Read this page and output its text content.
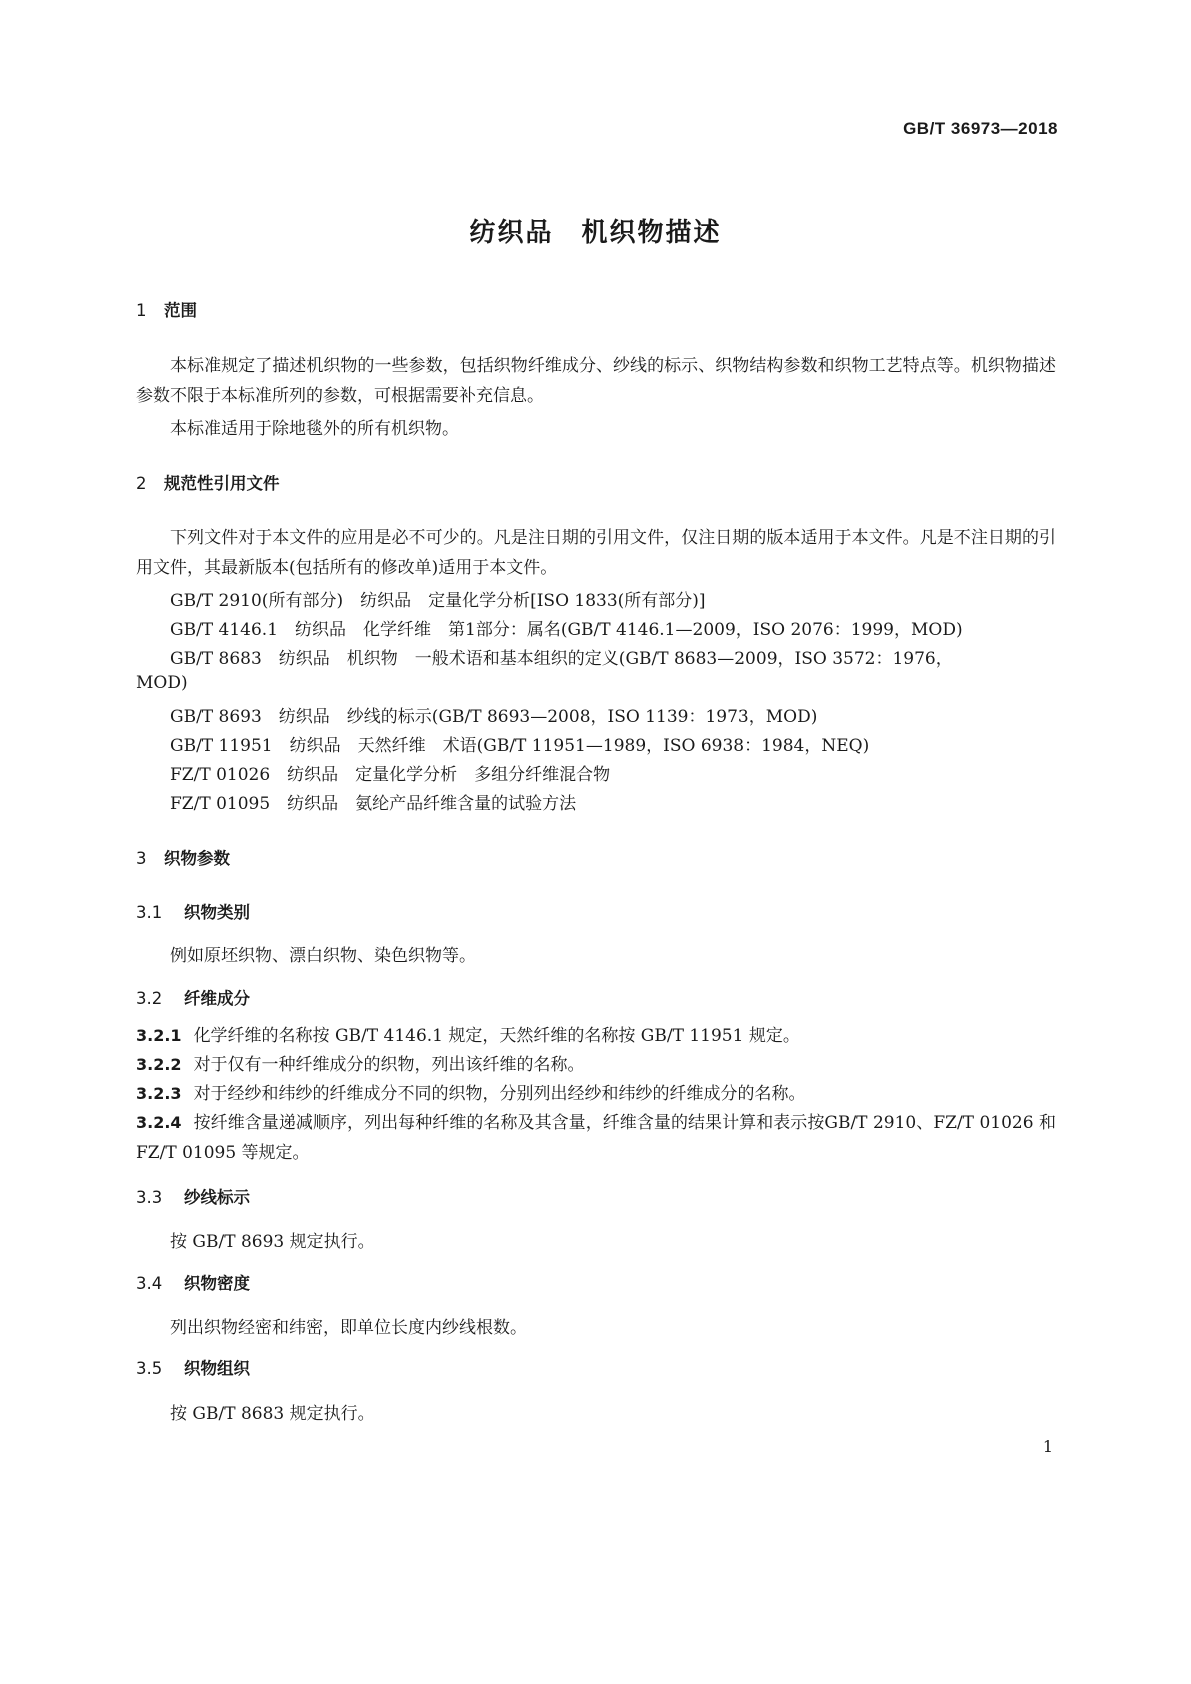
GB/T 36973—2018
纺织品　机织物描述
1 范围
本标准规定了描述机织物的一些参数，包括织物纤维成分、纱线的标示、织物结构参数和织物工艺特点等。机织物描述参数不限于本标准所列的参数，可根据需要补充信息。
本标准适用于除地毯外的所有机织物。
2 规范性引用文件
下列文件对于本文件的应用是必不可少的。凡是注日期的引用文件，仅注日期的版本适用于本文件。凡是不注日期的引用文件，其最新版本(包括所有的修改单)适用于本文件。
GB/T 2910(所有部分)　纺织品　定量化学分析[ISO 1833(所有部分)]
GB/T 4146.1　纺织品　化学纤维　第1部分：属名(GB/T 4146.1—2009，ISO 2076：1999，MOD)
GB/T 8683　纺织品　机织物　一般术语和基本组织的定义(GB/T 8683—2009，ISO 3572：1976，
MOD)
GB/T 8693　纺织品　纱线的标示(GB/T 8693—2008，ISO 1139：1973，MOD)
GB/T 11951　纺织品　天然纤维　术语(GB/T 11951—1989，ISO 6938：1984，NEQ)
FZ/T 01026　纺织品　定量化学分析　多组分纤维混合物
FZ/T 01095　纺织品　氨纶产品纤维含量的试验方法
3 织物参数
3.1 织物类别
例如原坯织物、漂白织物、染色织物等。
3.2 纤维成分
3.2.1 化学纤维的名称按 GB/T 4146.1 规定，天然纤维的名称按 GB/T 11951 规定。
3.2.2 对于仅有一种纤维成分的织物，列出该纤维的名称。
3.2.3 对于经纱和纬纱的纤维成分不同的织物，分别列出经纱和纬纱的纤维成分的名称。
3.2.4 按纤维含量递减顺序，列出每种纤维的名称及其含量，纤维含量的结果计算和表示按GB/T 2910、FZ/T 01026 和 FZ/T 01095 等规定。
3.3 纱线标示
按 GB/T 8693 规定执行。
3.4 织物密度
列出织物经密和纬密，即单位长度内纱线根数。
3.5 织物组织
按 GB/T 8683 规定执行。
1
